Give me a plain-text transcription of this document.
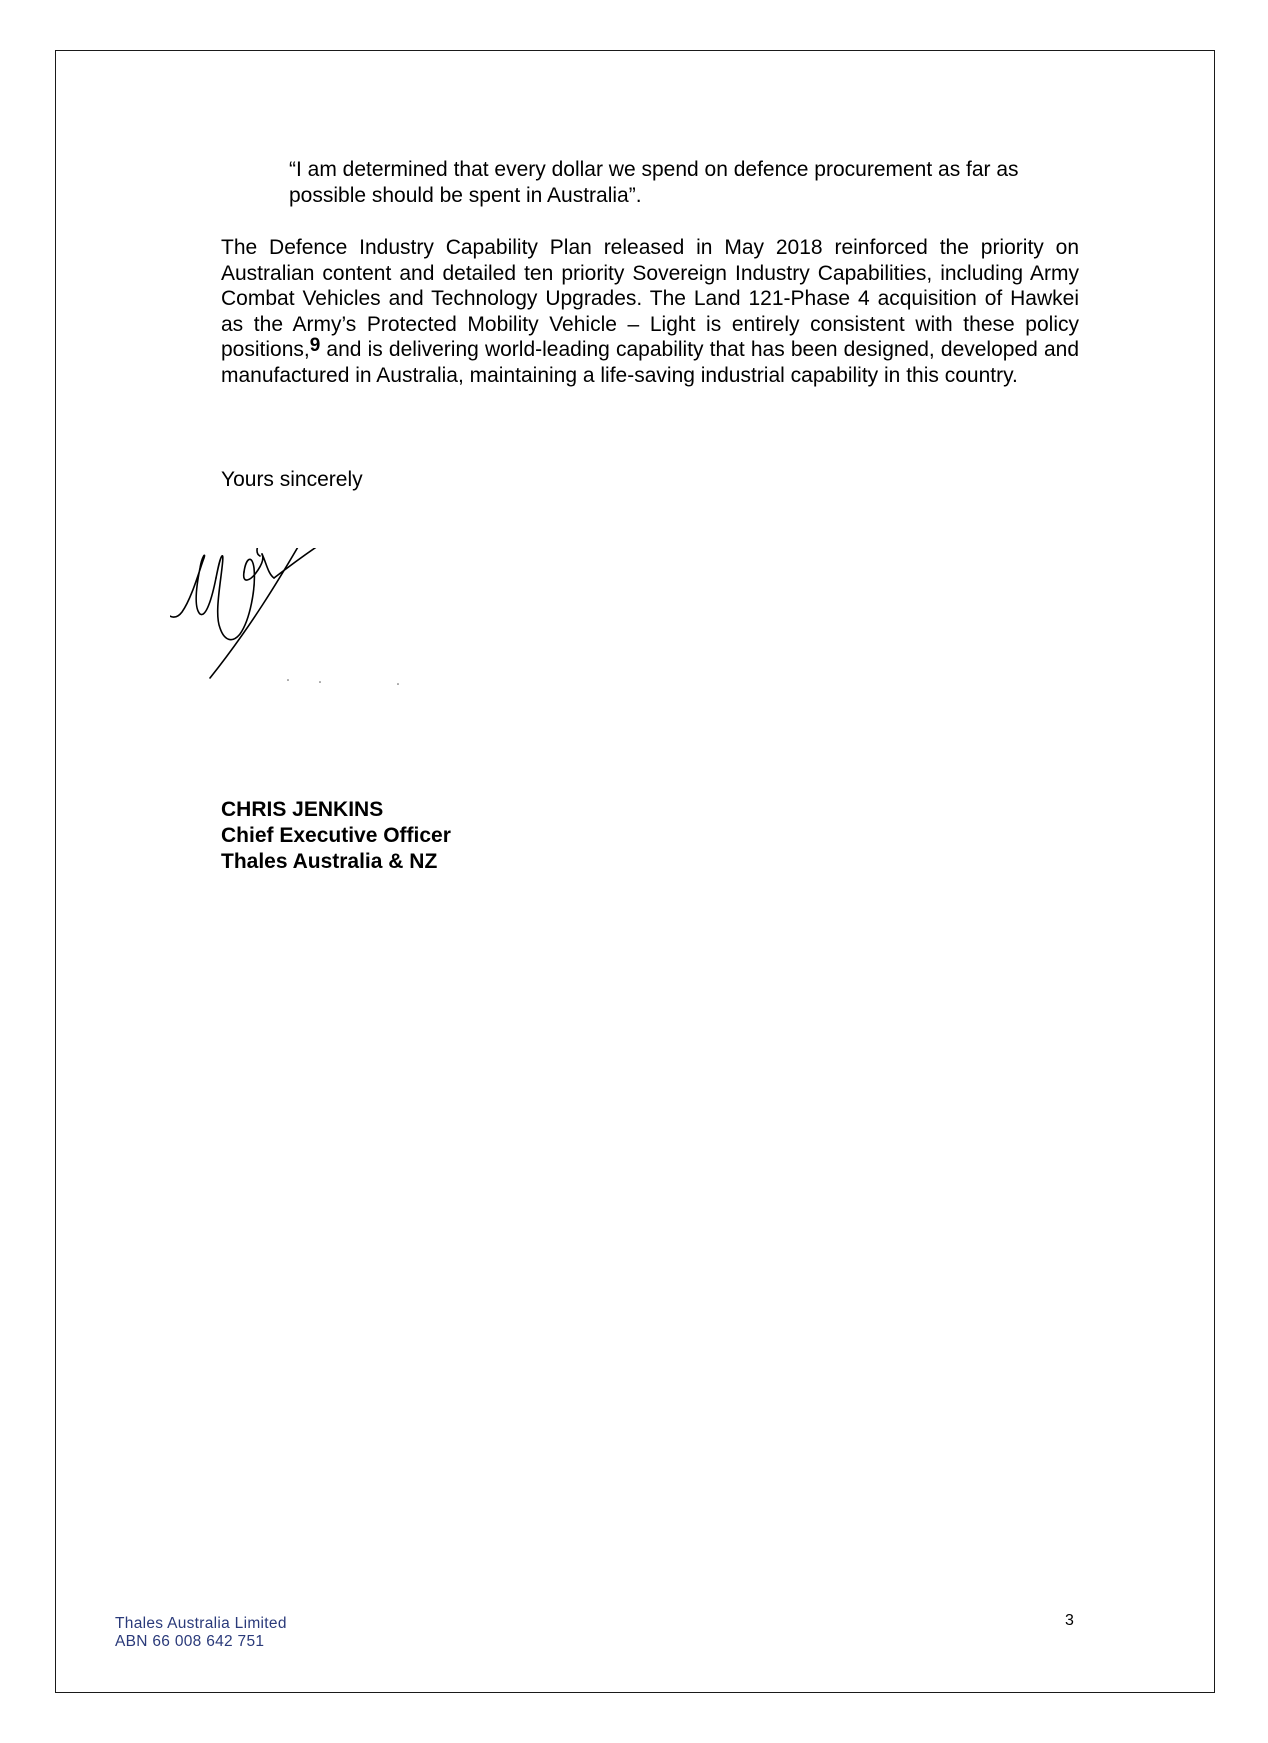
“I am determined that every dollar we spend on defence procurement as far as possible should be spent in Australia”.

The Defence Industry Capability Plan released in May 2018 reinforced the priority on Australian content and detailed ten priority Sovereign Industry Capabilities, including Army Combat Vehicles and Technology Upgrades. The Land 121-Phase 4 acquisition of Hawkei as the Army’s Protected Mobility Vehicle – Light is entirely consistent with these policy positions,$^9$ and is delivering world-leading capability that has been designed, developed and manufactured in Australia, maintaining a life-saving industrial capability in this country.

Yours sincerely

CHRIS JENKINS
Chief Executive Officer
Thales Australia & NZ
Thales Australia Limited
ABN 66 008 642 751
3
